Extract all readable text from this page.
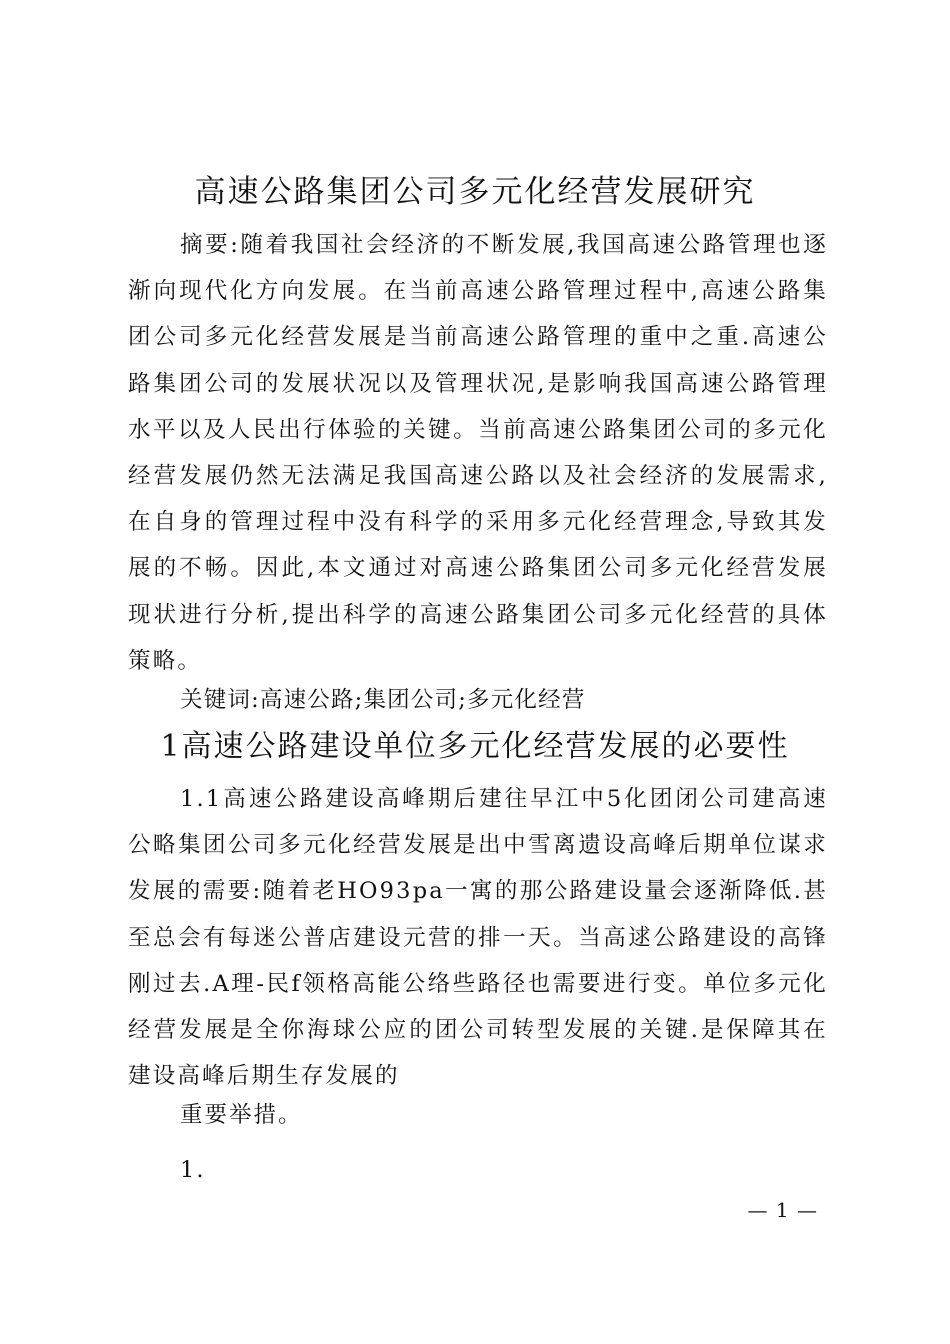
高速公路集团公司多元化经营发展研究

摘要:随着我国社会经济的不断发展,我国高速公路管理也逐渐向现代化方向发展。在当前高速公路管理过程中,高速公路集团公司多元化经营发展是当前高速公路管理的重中之重.高速公路集团公司的发展状况以及管理状况,是影响我国高速公路管理水平以及人民出行体验的关键。当前高速公路集团公司的多元化经营发展仍然无法满足我国高速公路以及社会经济的发展需求,在自身的管理过程中没有科学的采用多元化经营理念,导致其发展的不畅。因此,本文通过对高速公路集团公司多元化经营发展现状进行分析,提出科学的高速公路集团公司多元化经营的具体策略。

关键词:高速公路;集团公司;多元化经营
1高速公路建设单位多元化经营发展的必要性

1.1高速公路建设高峰期后建往早江中5化团闭公司建高速公略集团公司多元化经营发展是出中雪离遗设高峰后期单位谋求发展的需要:随着老HO93pa一寓的那公路建设量会逐渐降低.甚至总会有每迷公普店建设元营的排一天。当高逑公路建设的高锋刚过去.A理-民f领格高能公络些路径也需要进行变。单位多元化经营发展是全你海球公应的团公司转型发展的关键.是保障其在建设高峰后期生存发展的

重要举措。
1.
— 1 —
